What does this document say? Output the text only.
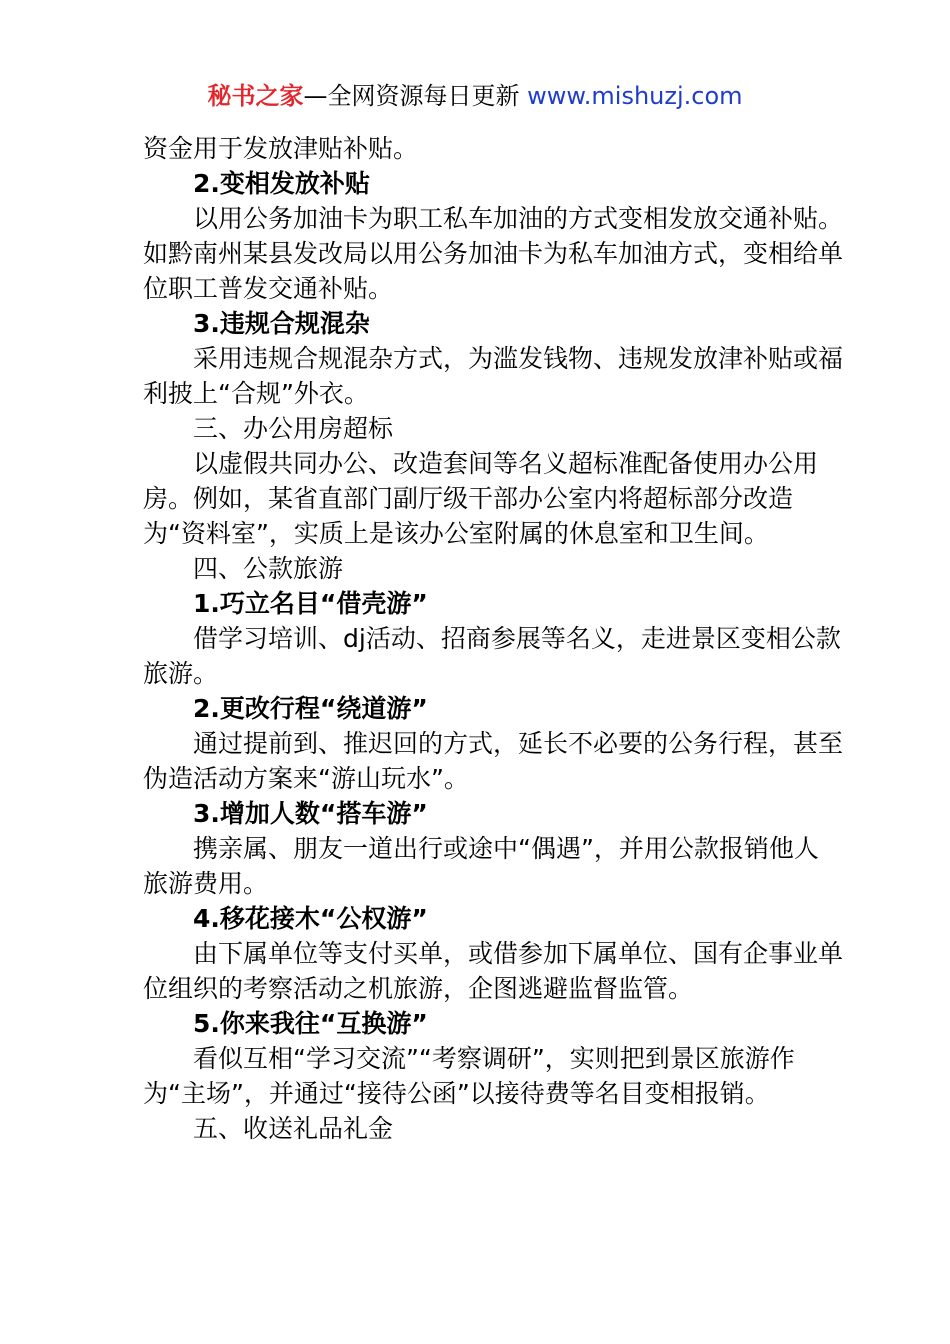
秘书之家—全网资源每日更新 www.mishuzj.com

资金用于发放津贴补贴。

2.变相发放补贴

以用公务加油卡为职工私车加油的方式变相发放交通补贴。如黔南州某县发改局以用公务加油卡为私车加油方式，变相给单位职工普发交通补贴。

3.违规合规混杂

采用违规合规混杂方式，为滥发钱物、违规发放津补贴或福利披上“合规”外衣。

三、办公用房超标

以虚假共同办公、改造套间等名义超标准配备使用办公用房。例如，某省直部门副厅级干部办公室内将超标部分改造为“资料室”，实质上是该办公室附属的休息室和卫生间。

四、公款旅游

1.巧立名目“借壳游”

借学习培训、dj活动、招商参展等名义，走进景区变相公款旅游。

2.更改行程“绕道游”

通过提前到、推迟回的方式，延长不必要的公务行程，甚至伪造活动方案来“游山玩水”。

3.增加人数“搭车游”

携亲属、朋友一道出行或途中“偶遇”，并用公款报销他人旅游费用。

4.移花接木“公权游”

由下属单位等支付买单，或借参加下属单位、国有企事业单位组织的考察活动之机旅游，企图逃避监督监管。

5.你来我往“互换游”

看似互相“学习交流”“考察调研”，实则把到景区旅游作为“主场”，并通过“接待公函”以接待费等名目变相报销。

五、收送礼品礼金
